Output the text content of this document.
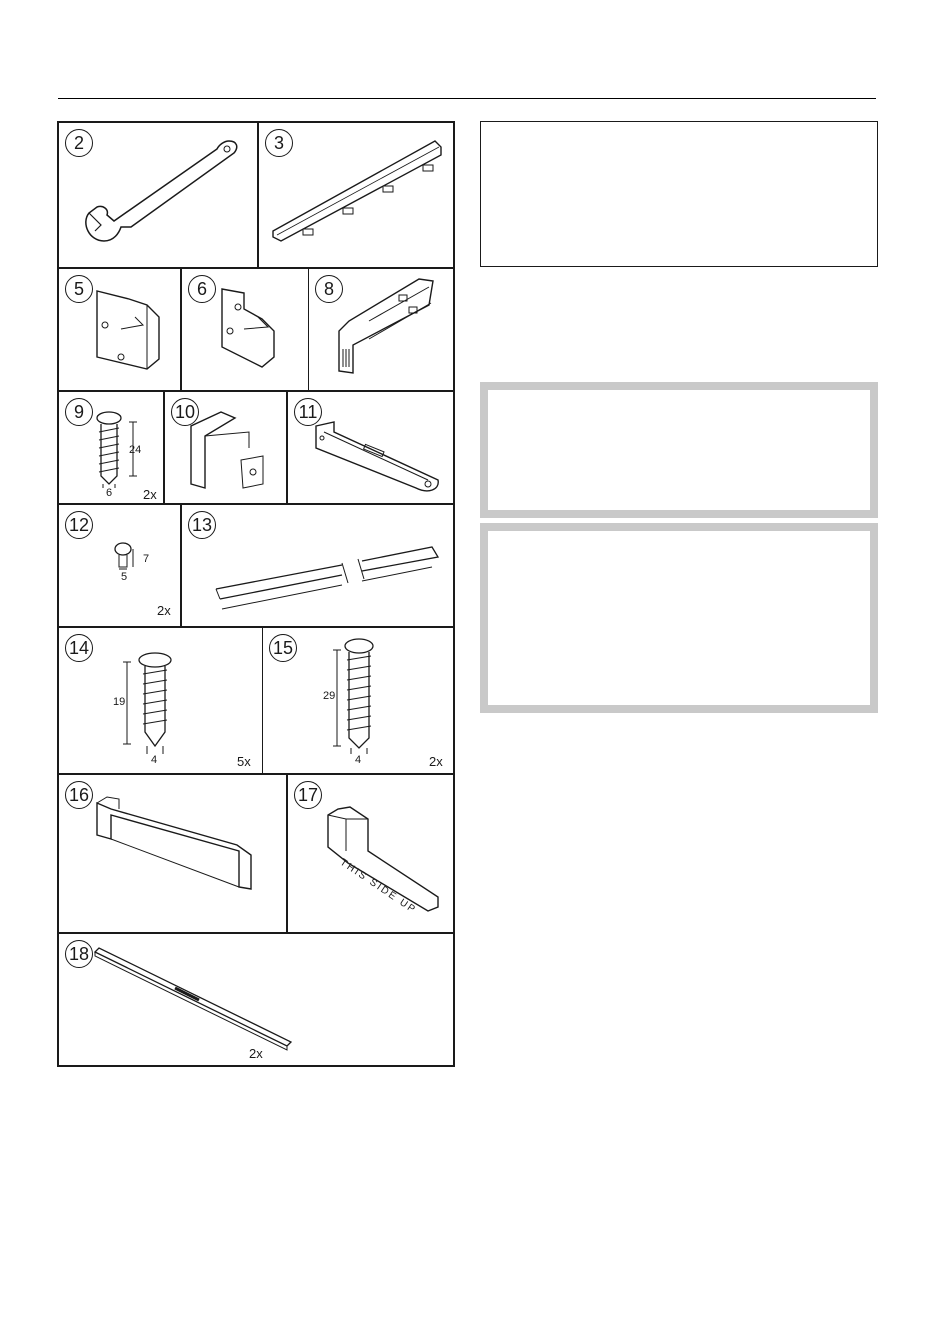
2	3
5	6	8
9
24
6 2x
10	11
12
7
5
2x
13
14
19
4	5x
15
29
4	2x
16	17
THIS SIDE UP
18
2x
